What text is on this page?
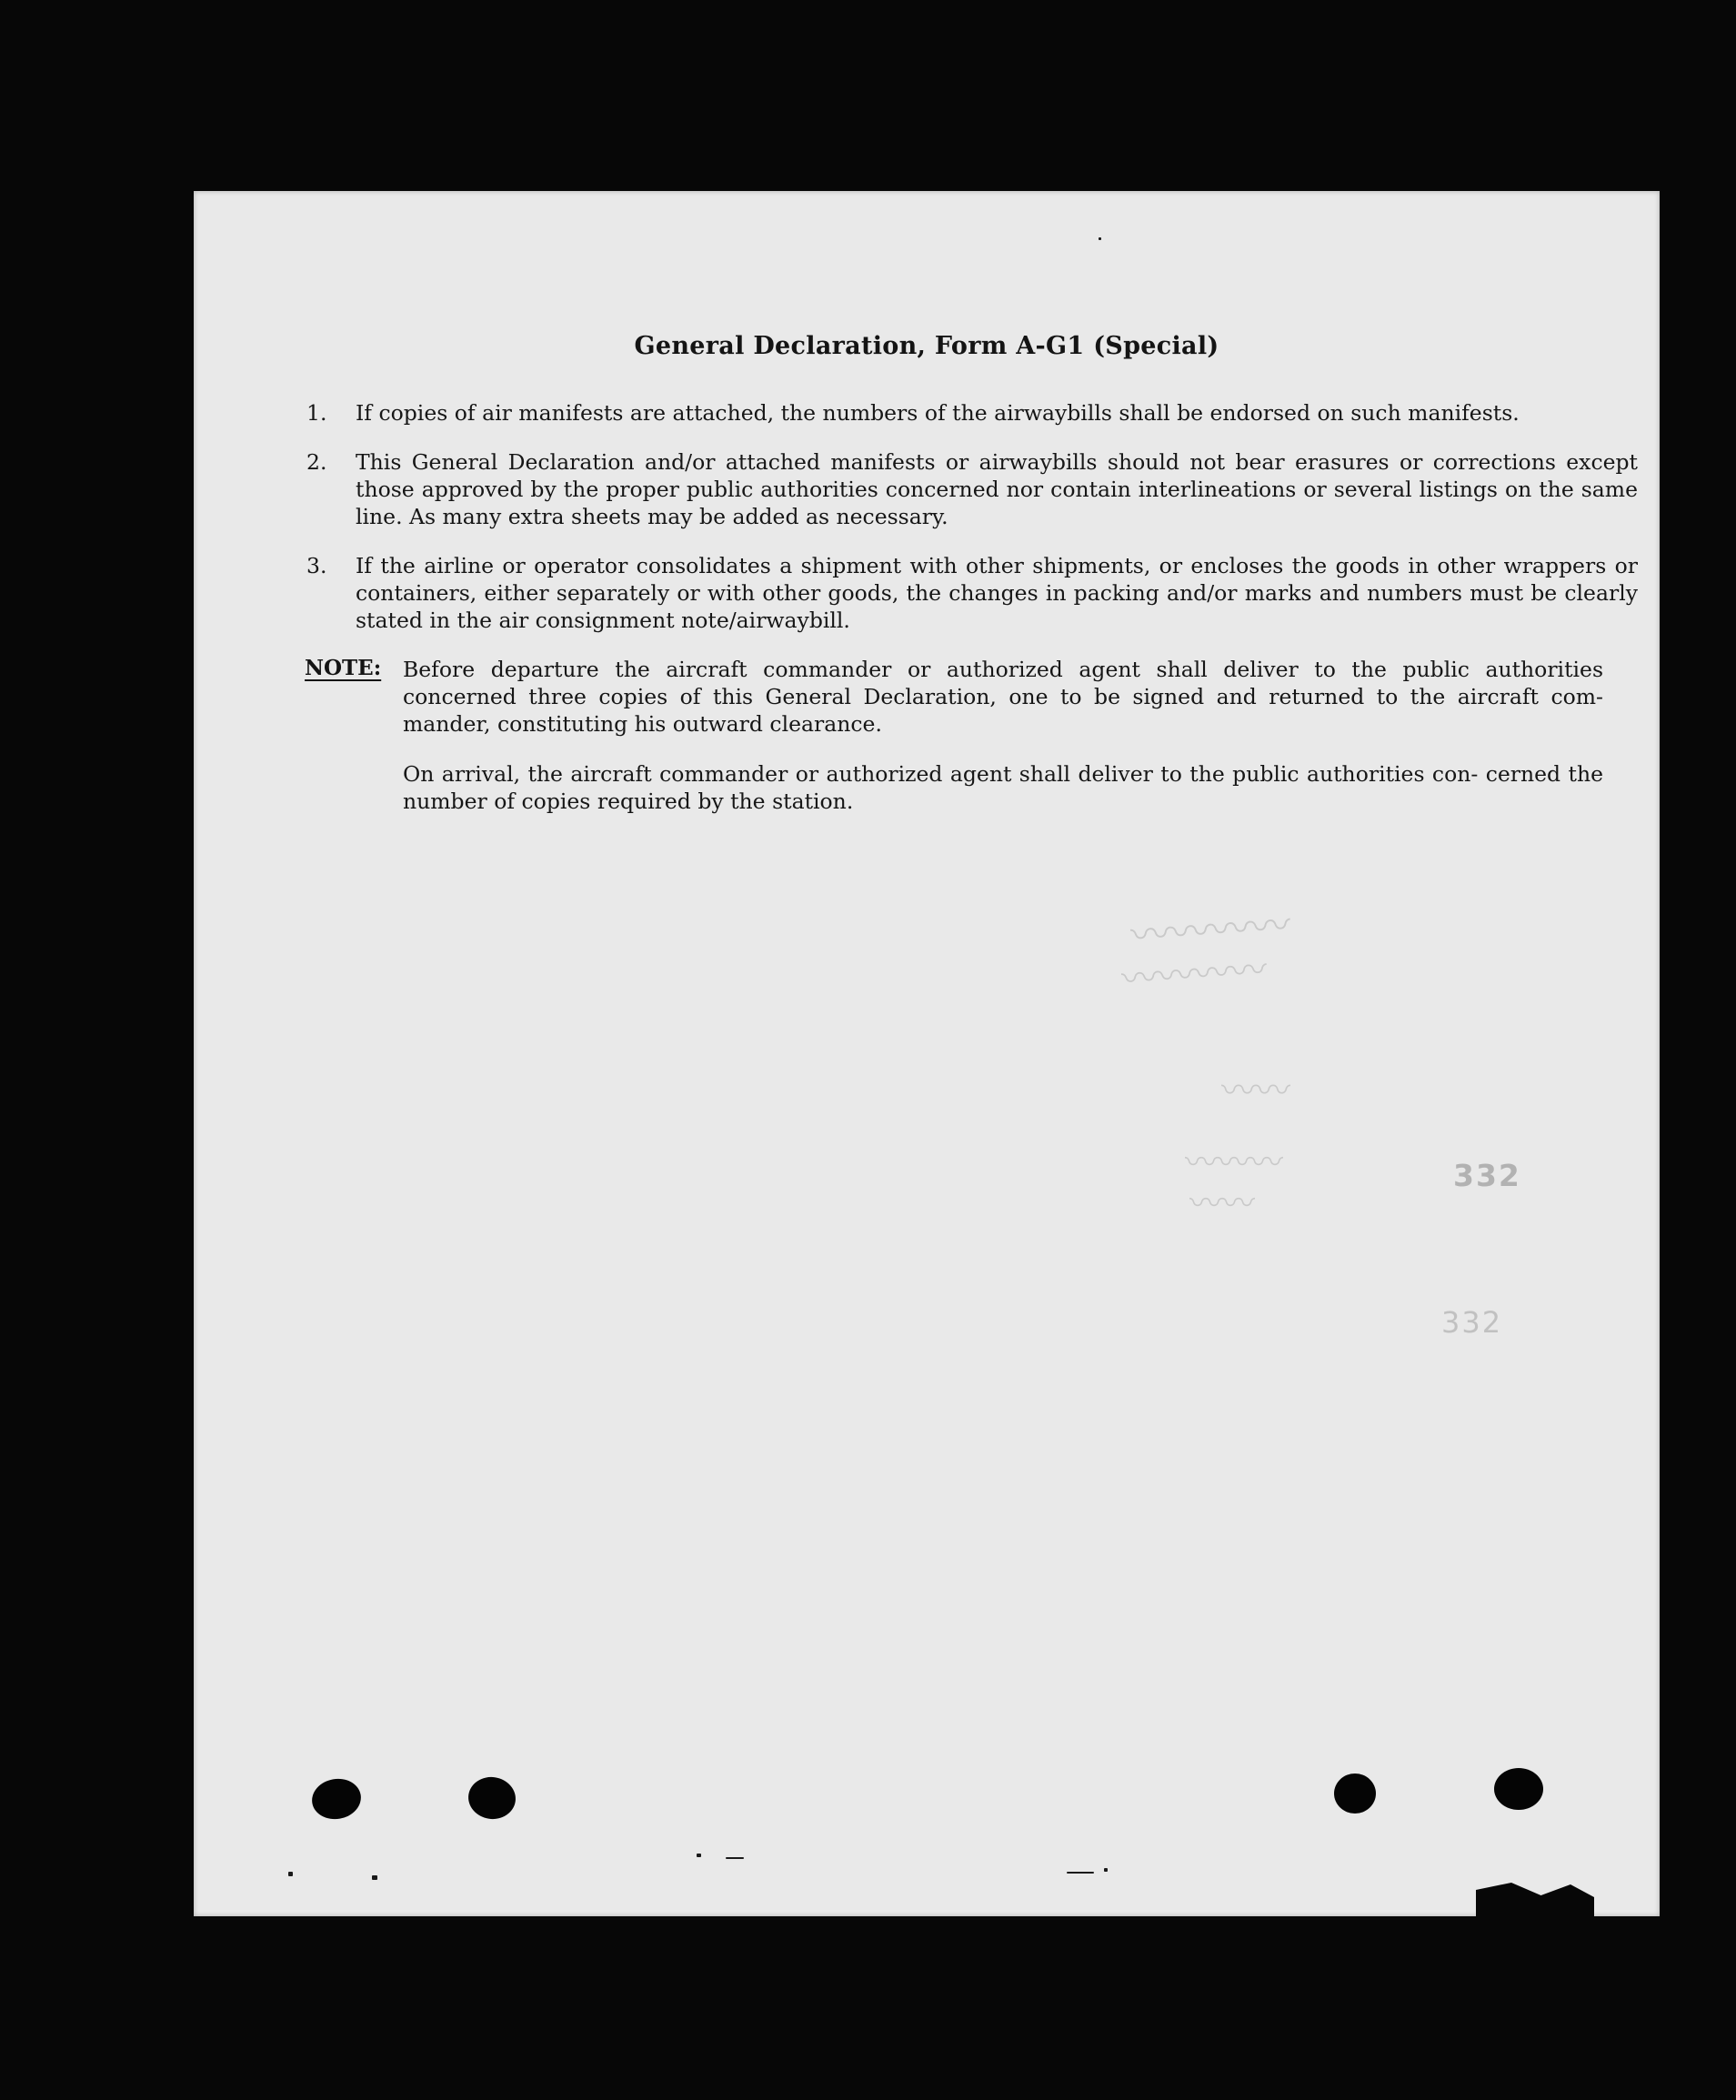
General Declaration, Form A-G1 (Special)
1. If copies of air manifests are attached, the numbers of the airwaybills shall be endorsed on such manifests.
2. This General Declaration and/or attached manifests or airwaybills should not bear erasures or corrections except those approved by the proper public authorities concerned nor contain interlineations or several listings on the same line. As many extra sheets may be added as necessary.
3. If the airline or operator consolidates a shipment with other shipments, or encloses the goods in other wrappers or containers, either separately or with other goods, the changes in packing and/or marks and numbers must be clearly stated in the air consignment note/airwaybill.
NOTE: Before departure the aircraft commander or authorized agent shall deliver to the public authorities concerned three copies of this General Declaration, one to be signed and returned to the aircraft com- mander, constituting his outward clearance.
On arrival, the aircraft commander or authorized agent shall deliver to the public authorities con- cerned the number of copies required by the station.
〰〰〰〰
〰〰〰〰
〰〰
〰〰〰
〰〰
332
332
